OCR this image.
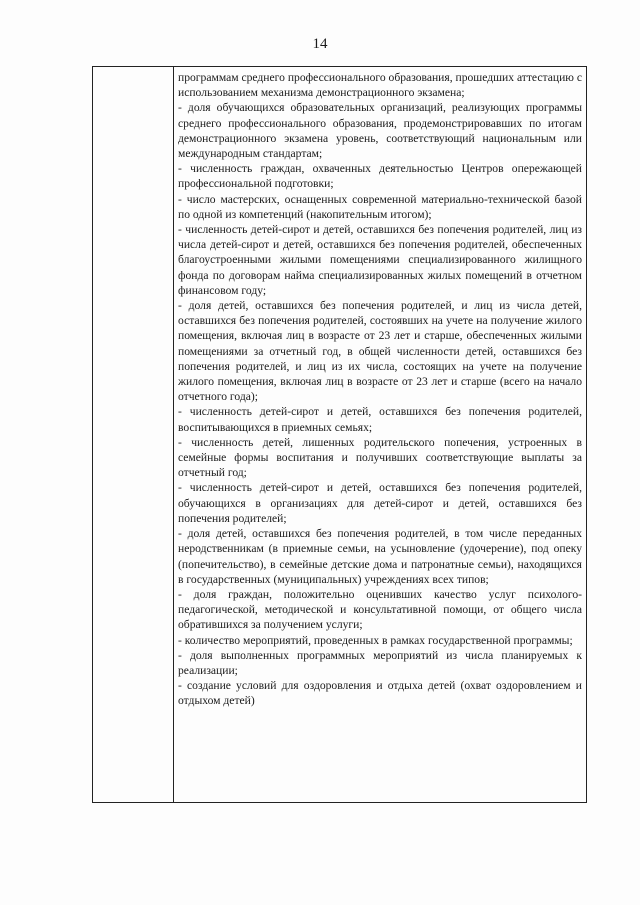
14

программам среднего профессионального образования, прошедших аттестацию с использованием механизма демонстрационного экзамена;

- доля обучающихся образовательных организаций, реализующих программы среднего профессионального образования, продемонстрировавших по итогам демонстрационного экзамена уровень, соответствующий национальным или международным стандартам;

- численность граждан, охваченных деятельностью Центров опережающей профессиональной подготовки;

- число мастерских, оснащенных современной материально-технической базой по одной из компетенций (накопительным итогом);

- численность детей-сирот и детей, оставшихся без попечения родителей, лиц из числа детей-сирот и детей, оставшихся без попечения родителей, обеспеченных благоустроенными жилыми помещениями специализированного жилищного фонда по договорам найма специализированных жилых помещений в отчетном финансовом году;

- доля детей, оставшихся без попечения родителей, и лиц из числа детей, оставшихся без попечения родителей, состоявших на учете на получение жилого помещения, включая лиц в возрасте от 23 лет и старше, обеспеченных жилыми помещениями за отчетный год, в общей численности детей, оставшихся без попечения родителей, и лиц из их числа, состоящих на учете на получение жилого помещения, включая лиц в возрасте от 23 лет и старше (всего на начало отчетного года);

- численность детей-сирот и детей, оставшихся без попечения родителей, воспитывающихся в приемных семьях;

- численность детей, лишенных родительского попечения, устроенных в семейные формы воспитания и получивших соответствующие выплаты за отчетный год;

- численность детей-сирот и детей, оставшихся без попечения родителей, обучающихся в организациях для детей-сирот и детей, оставшихся без попечения родителей;

- доля детей, оставшихся без попечения родителей, в том числе переданных неродственникам (в приемные семьи, на усыновление (удочерение), под опеку (попечительство), в семейные детские дома и патронатные семьи), находящихся в государственных (муниципальных) учреждениях всех типов;

- доля граждан, положительно оценивших качество услуг психолого-педагогической, методической и консультативной помощи, от общего числа обратившихся за получением услуги;

- количество мероприятий, проведенных в рамках государственной программы;

- доля выполненных программных мероприятий из числа планируемых к реализации;

- создание условий для оздоровления и отдыха детей (охват оздоровлением и отдыхом детей)
